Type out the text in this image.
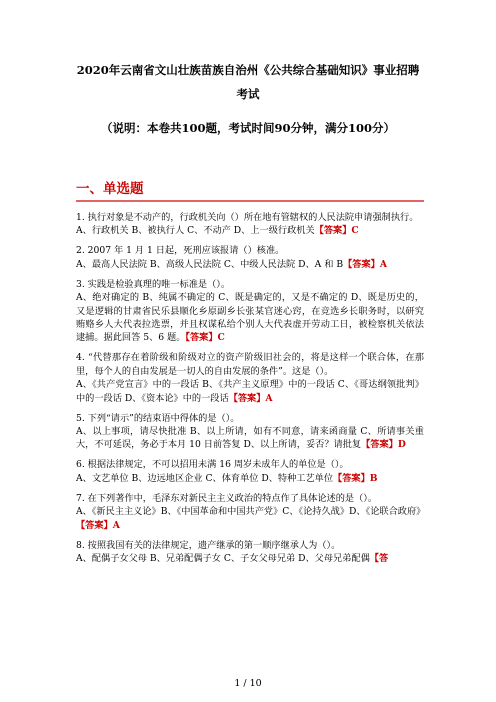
2020年云南省文山壮族苗族自治州《公共综合基础知识》事业招聘
考试
（说明：本卷共100题，考试时间90分钟，满分100分）
一、单选题

1. 执行对象是不动产的，行政机关向（）所在地有管辖权的人民法院申请强制执行。

A、行政机关 B、被执行人 C、不动产 D、上一级行政机关【答案】C

2. 2007 年 1 月 1 日起，死刑应该报请（）核准。

A、最高人民法院 B、高级人民法院 C、中级人民法院 D、A 和 B【答案】A

3. 实践是检验真理的唯一标准是（）。

A、绝对确定的 B、纯属不确定的 C、既是确定的，又是不确定的 D、既是历史的，又是逻辑的甘肃省民乐县顺化乡原副乡长张某官迷心窍，在竞选乡长职务时，以研究贿赂乡人大代表拉选票，并且权谋私给个别人大代表虚开劳动工日，被检察机关依法逮捕。据此回答 5、6 题。【答案】C

4. “代替那存在着阶级和阶级对立的资产阶级旧社会的，将是这样一个联合体，在那里，每个人的自由发展是一切人的自由发展的条件”。这是（）。

A、《共产党宣言》中的一段话 B、《共产主义原理》中的一段话 C、《哥达纲领批判》中的一段话 D、《资本论》中的一段话【答案】A

5. 下列“请示”的结束语中得体的是（）。

A、以上事项，请尽快批准 B、以上所请，如有不同意，请来函商量 C、所请事关重大，不可延误，务必于本月 10 日前答复 D、以上所请，妥否？请批复【答案】D

6. 根据法律规定，不可以招用未满 16 周岁未成年人的单位是（）。

A、文艺单位 B、边远地区企业 C、体育单位 D、特种工艺单位【答案】B

7. 在下列著作中，毛泽东对新民主主义政治的特点作了具体论述的是（）。

A、《新民主主义论》B、《中国革命和中国共产党》C、《论持久战》D、《论联合政府》【答案】A

8. 按照我国有关的法律规定，遗产继承的第一顺序继承人为（）。

A、配偶子女父母 B、兄弟配偶子女 C、子女父母兄弟 D、父母兄弟配偶【答

1 / 10
